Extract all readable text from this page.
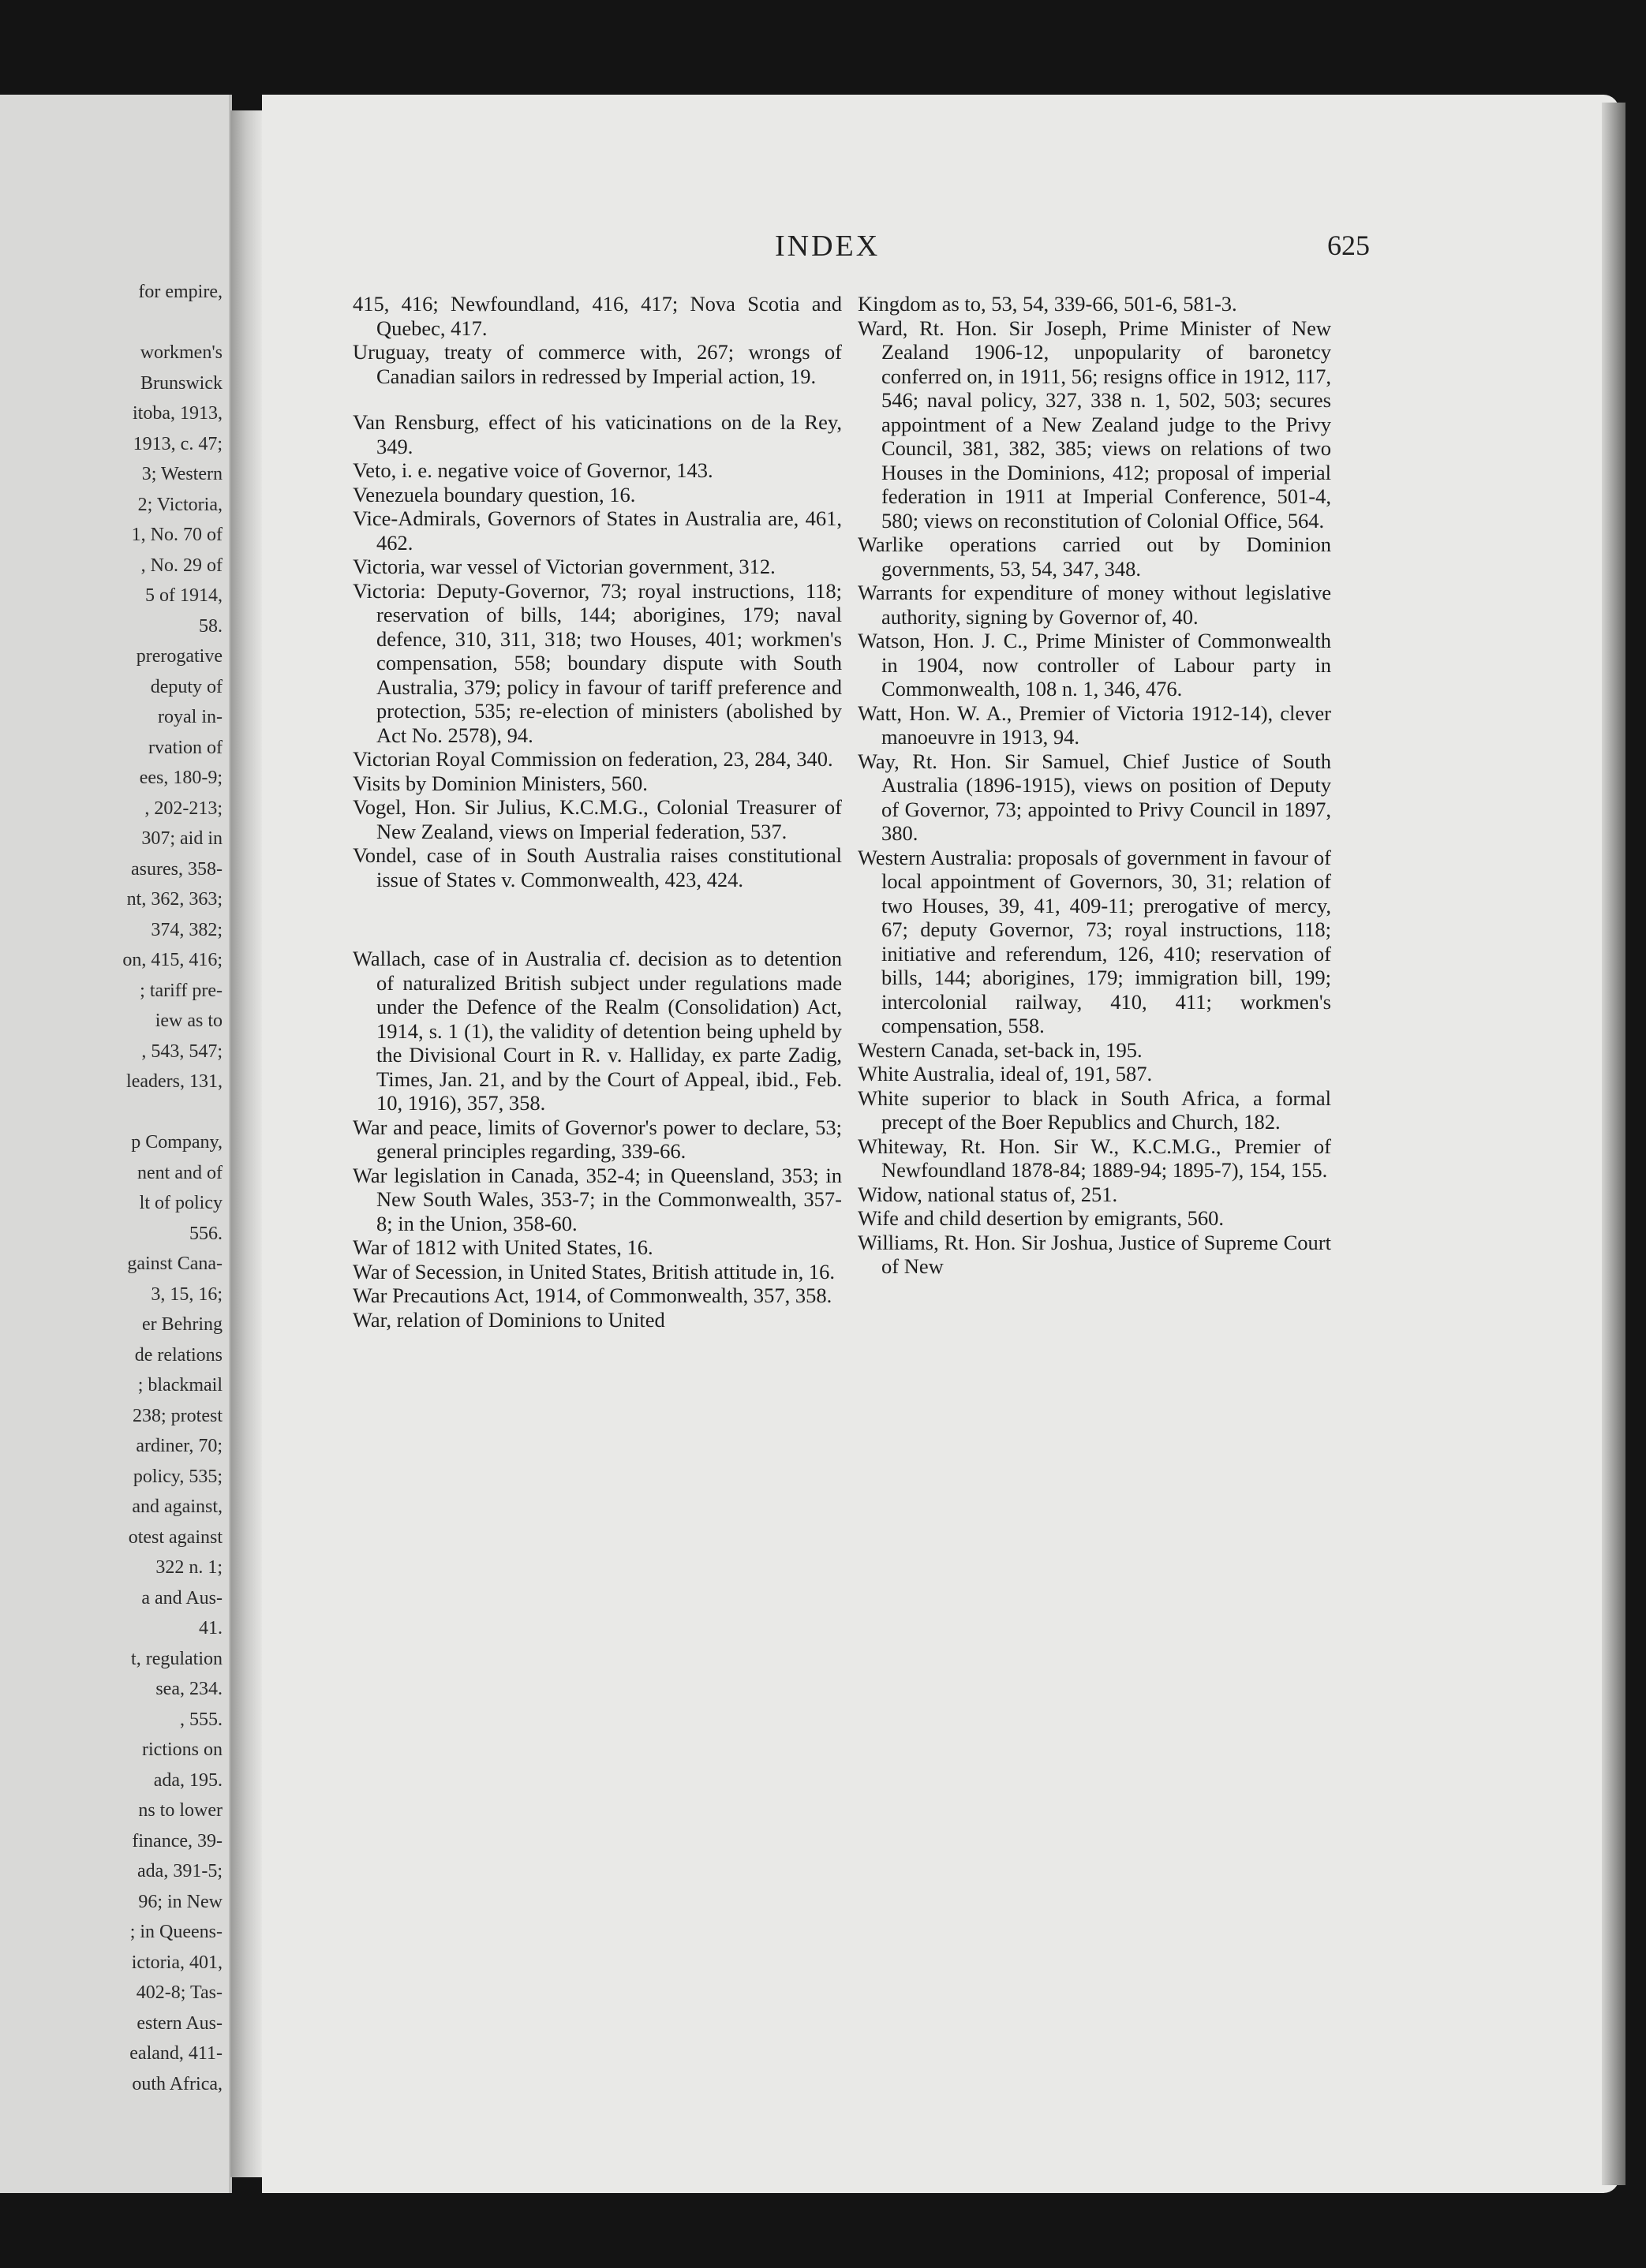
for empire,
workmen's
Brunswick
itoba, 1913,
1913, c. 47;
3; Western
2; Victoria,
1, No. 70 of
, No. 29 of
5 of 1914,
58.
prerogative
deputy of
royal in-
rvation of
ees, 180-9;
, 202-213;
307; aid in
asures, 358-
nt, 362, 363;
374, 382;
on, 415, 416;
; tariff pre-
iew as to
, 543, 547;
leaders, 131,
p Company,
nent and of
lt of policy
556.
gainst Cana-
3, 15, 16;
er Behring
de relations
; blackmail
238; protest
ardiner, 70;
policy, 535;
and against,
otest against
322 n. 1;
a and Aus-
41.
t, regulation
sea, 234.
, 555.
rictions on
ada, 195.
ns to lower
finance, 39-
ada, 391-5;
96; in New
; in Queens-
ictoria, 401,
402-8; Tas-
estern Aus-
ealand, 411-
outh Africa,
INDEX	625

415, 416; Newfoundland, 416, 417; Nova Scotia and Quebec, 417.

Uruguay, treaty of commerce with, 267; wrongs of Canadian sailors in redressed by Imperial action, 19.

Van Rensburg, effect of his vaticinations on de la Rey, 349.

Veto, i. e. negative voice of Governor, 143.

Venezuela boundary question, 16.

Vice-Admirals, Governors of States in Australia are, 461, 462.

Victoria, war vessel of Victorian government, 312.

Victoria: Deputy-Governor, 73; royal instructions, 118; reservation of bills, 144; aborigines, 179; naval defence, 310, 311, 318; two Houses, 401; workmen's compensation, 558; boundary dispute with South Australia, 379; policy in favour of tariff preference and protection, 535; re-election of ministers (abolished by Act No. 2578), 94.

Victorian Royal Commission on federation, 23, 284, 340.

Visits by Dominion Ministers, 560.

Vogel, Hon. Sir Julius, K.C.M.G., Colonial Treasurer of New Zealand, views on Imperial federation, 537.

Vondel, case of in South Australia raises constitutional issue of States v. Commonwealth, 423, 424.

Wallach, case of in Australia cf. decision as to detention of naturalized British subject under regulations made under the Defence of the Realm (Consolidation) Act, 1914, s. 1 (1), the validity of detention being upheld by the Divisional Court in R. v. Halliday, ex parte Zadig, Times, Jan. 21, and by the Court of Appeal, ibid., Feb. 10, 1916), 357, 358.

War and peace, limits of Governor's power to declare, 53; general principles regarding, 339-66.

War legislation in Canada, 352-4; in Queensland, 353; in New South Wales, 353-7; in the Commonwealth, 357-8; in the Union, 358-60.

War of 1812 with United States, 16.

War of Secession, in United States, British attitude in, 16.

War Precautions Act, 1914, of Commonwealth, 357, 358.

War, relation of Dominions to United

Kingdom as to, 53, 54, 339-66, 501-6, 581-3.

Ward, Rt. Hon. Sir Joseph, Prime Minister of New Zealand 1906-12, unpopularity of baronetcy conferred on, in 1911, 56; resigns office in 1912, 117, 546; naval policy, 327, 338 n. 1, 502, 503; secures appointment of a New Zealand judge to the Privy Council, 381, 382, 385; views on relations of two Houses in the Dominions, 412; proposal of imperial federation in 1911 at Imperial Conference, 501-4, 580; views on reconstitution of Colonial Office, 564.

Warlike operations carried out by Dominion governments, 53, 54, 347, 348.

Warrants for expenditure of money without legislative authority, signing by Governor of, 40.

Watson, Hon. J. C., Prime Minister of Commonwealth in 1904, now controller of Labour party in Commonwealth, 108 n. 1, 346, 476.

Watt, Hon. W. A., Premier of Victoria 1912-14), clever manoeuvre in 1913, 94.

Way, Rt. Hon. Sir Samuel, Chief Justice of South Australia (1896-1915), views on position of Deputy of Governor, 73; appointed to Privy Council in 1897, 380.

Western Australia: proposals of government in favour of local appointment of Governors, 30, 31; relation of two Houses, 39, 41, 409-11; prerogative of mercy, 67; deputy Governor, 73; royal instructions, 118; initiative and referendum, 126, 410; reservation of bills, 144; aborigines, 179; immigration bill, 199; intercolonial railway, 410, 411; workmen's compensation, 558.

Western Canada, set-back in, 195.

White Australia, ideal of, 191, 587.

White superior to black in South Africa, a formal precept of the Boer Republics and Church, 182.

Whiteway, Rt. Hon. Sir W., K.C.M.G., Premier of Newfoundland 1878-84; 1889-94; 1895-7), 154, 155.

Widow, national status of, 251.

Wife and child desertion by emigrants, 560.

Williams, Rt. Hon. Sir Joshua, Justice of Supreme Court of New
